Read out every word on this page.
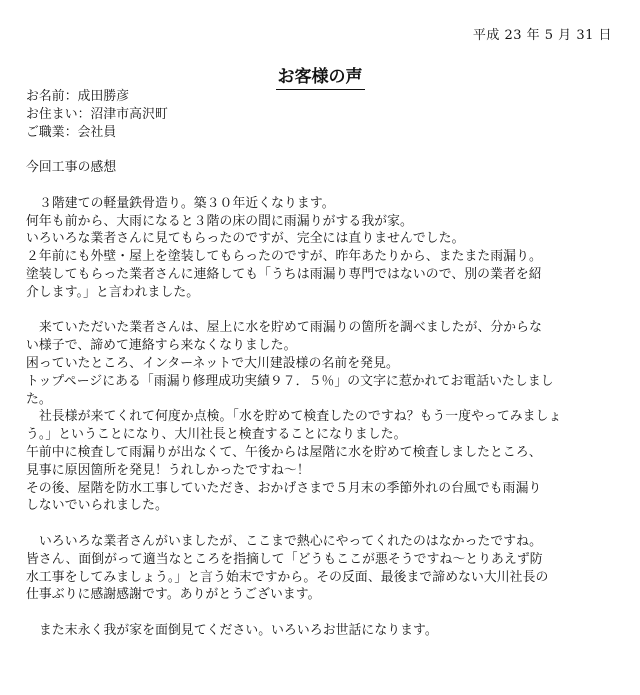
平成 23 年 5 月 31 日
お客様の声
お名前：成田勝彦
お住まい：沼津市高沢町
ご職業：会社員
今回工事の感想
３階建ての軽量鉄骨造り。築３０年近くなります。
何年も前から、大雨になると３階の床の間に雨漏りがする我が家。
いろいろな業者さんに見てもらったのですが、完全には直りませんでした。
２年前にも外壁・屋上を塗装してもらったのですが、昨年あたりから、またまた雨漏り。
塗装してもらった業者さんに連絡しても「うちは雨漏り専門ではないので、別の業者を紹
介します。」と言われました。
来ていただいた業者さんは、屋上に水を貯めて雨漏りの箇所を調べましたが、分からな
い様子で、諦めて連絡すら来なくなりました。
困っていたところ、インターネットで大川建設様の名前を発見。
トップページにある「雨漏り修理成功実績９７．５％」の文字に惹かれてお電話いたしまし
た。
社長様が来てくれて何度か点検。「水を貯めて検査したのですね？もう一度やってみましょ
う。」ということになり、大川社長と検査することになりました。
午前中に検査して雨漏りが出なくて、午後からは屋階に水を貯めて検査しましたところ、
見事に原因箇所を発見！うれしかったですね～！
その後、屋階を防水工事していただき、おかげさまで５月末の季節外れの台風でも雨漏り
しないでいられました。
いろいろな業者さんがいましたが、ここまで熱心にやってくれたのはなかったですね。
皆さん、面倒がって適当なところを指摘して「どうもここが悪そうですね～とりあえず防
水工事をしてみましょう。」と言う始末ですから。その反面、最後まで諦めない大川社長の
仕事ぶりに感謝感謝です。ありがとうございます。
また末永く我が家を面倒見てください。いろいろお世話になります。
